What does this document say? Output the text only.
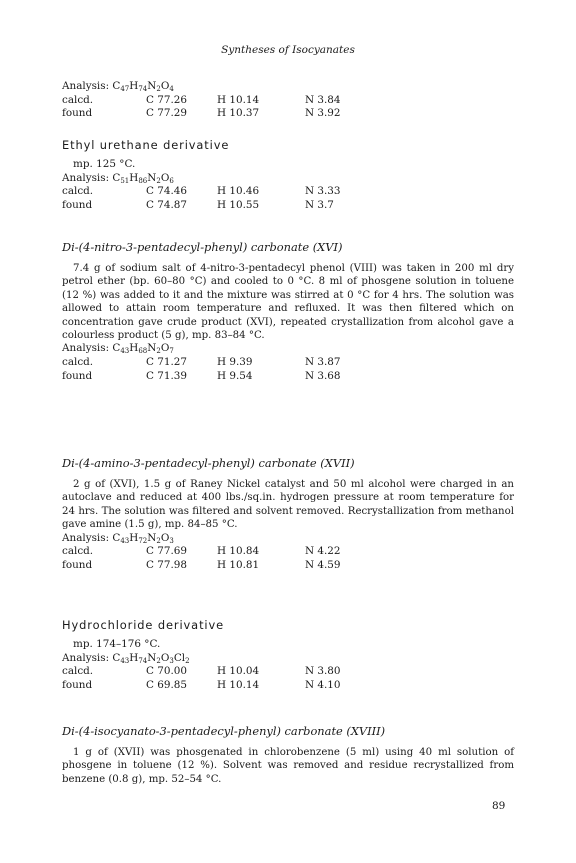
Syntheses of Isocyanates
Analysis: $C_{47}H_{74}N_2O_4$
calcd.	C 77.26	H 10.14	N 3.84
found	C 77.29	H 10.37	N 3.92
Ethyl urethane derivative
mp. 125 °C.
Analysis: $C_{51}H_{86}N_2O_6$
calcd.	C 74.46	H 10.46	N 3.33
found	C 74.87	H 10.55	N 3.7
Di-(4-nitro-3-pentadecyl-phenyl) carbonate (XVI)
7.4 g of sodium salt of 4-nitro-3-pentadecyl phenol (VIII) was taken in 200 ml dry petrol ether (bp. 60–80 °C) and cooled to 0 °C. 8 ml of phosgene solution in toluene (12 %) was added to it and the mixture was stirred at 0 °C for 4 hrs. The solution was allowed to attain room temperature and refluxed. It was then filtered which on concentration gave crude product (XVI), repeated crystallization from alcohol gave a colourless product (5 g), mp. 83–84 °C.
Analysis: $C_{43}H_{68}N_2O_7$
calcd.	C 71.27	H 9.39	N 3.87
found	C 71.39	H 9.54	N 3.68
Di-(4-amino-3-pentadecyl-phenyl) carbonate (XVII)
2 g of (XVI), 1.5 g of Raney Nickel catalyst and 50 ml alcohol were charged in an autoclave and reduced at 400 lbs./sq.in. hydrogen pressure at room temperature for 24 hrs. The solution was filtered and solvent removed. Recrystallization from methanol gave amine (1.5 g), mp. 84–85 °C.
Analysis: $C_{43}H_{72}N_2O_3$
calcd.	C 77.69	H 10.84	N 4.22
found	C 77.98	H 10.81	N 4.59
Hydrochloride derivative
mp. 174–176 °C.
Analysis: $C_{43}H_{74}N_2O_3Cl_2$
calcd.	C 70.00	H 10.04	N 3.80
found	C 69.85	H 10.14	N 4.10
Di-(4-isocyanato-3-pentadecyl-phenyl) carbonate (XVIII)
1 g of (XVII) was phosgenated in chlorobenzene (5 ml) using 40 ml solution of phosgene in toluene (12 %). Solvent was removed and residue recrystallized from benzene (0.8 g), mp. 52–54 °C.
89
